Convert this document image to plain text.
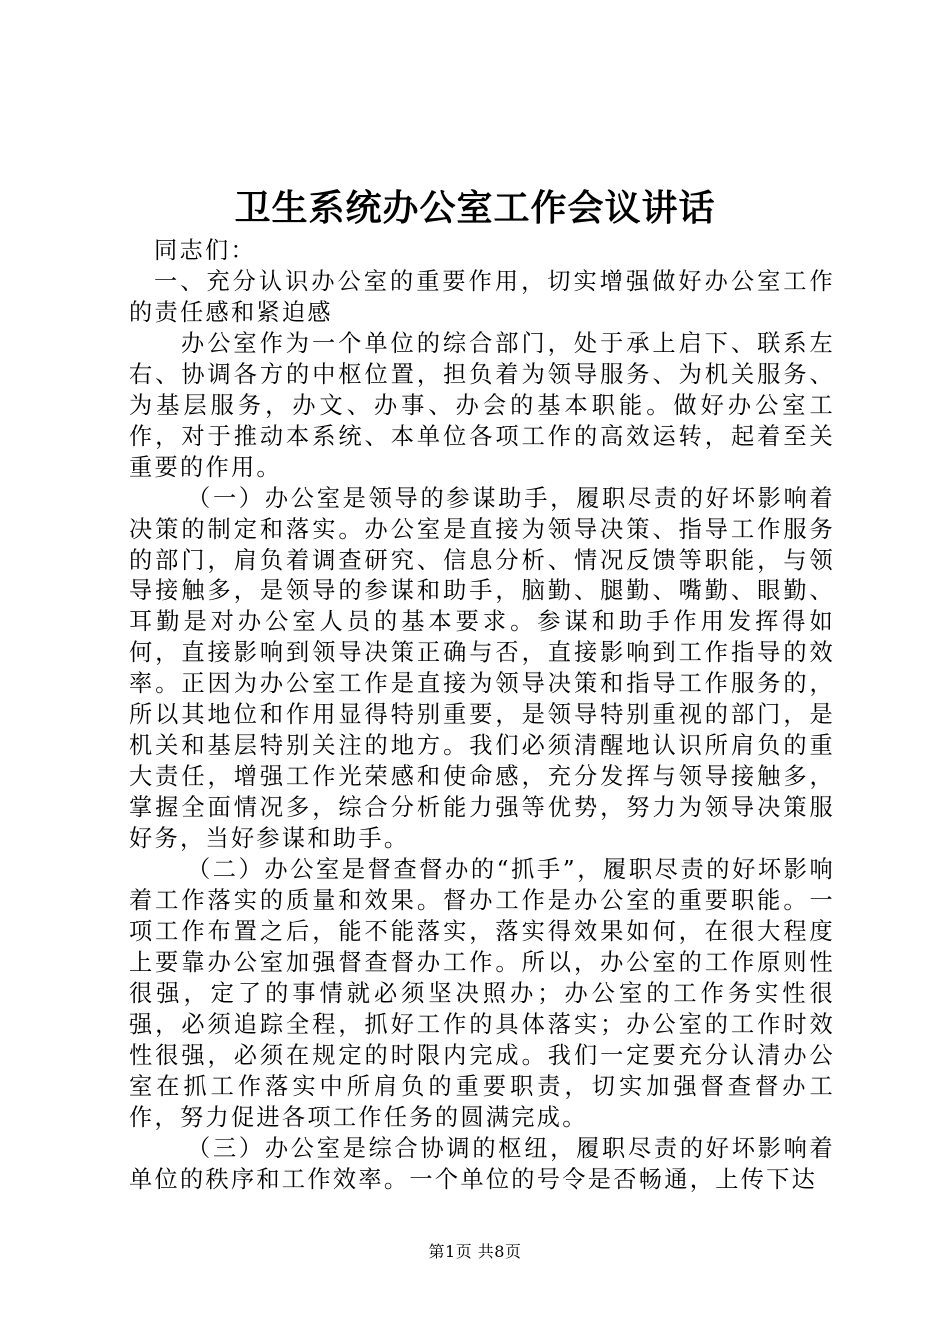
卫生系统办公室工作会议讲话

同志们：

一、充分认识办公室的重要作用，切实增强做好办公室工作的责任感和紧迫感

办公室作为一个单位的综合部门，处于承上启下、联系左右、协调各方的中枢位置，担负着为领导服务、为机关服务、为基层服务，办文、办事、办会的基本职能。做好办公室工作，对于推动本系统、本单位各项工作的高效运转，起着至关重要的作用。

（一）办公室是领导的参谋助手，履职尽责的好坏影响着决策的制定和落实。办公室是直接为领导决策、指导工作服务的部门，肩负着调查研究、信息分析、情况反馈等职能，与领导接触多，是领导的参谋和助手，脑勤、腿勤、嘴勤、眼勤、耳勤是对办公室人员的基本要求。参谋和助手作用发挥得如何，直接影响到领导决策正确与否，直接影响到工作指导的效率。正因为办公室工作是直接为领导决策和指导工作服务的，所以其地位和作用显得特别重要，是领导特别重视的部门，是机关和基层特别关注的地方。我们必须清醒地认识所肩负的重大责任，增强工作光荣感和使命感，充分发挥与领导接触多，掌握全面情况多，综合分析能力强等优势，努力为领导决策服好务，当好参谋和助手。

（二）办公室是督查督办的“抓手”，履职尽责的好坏影响着工作落实的质量和效果。督办工作是办公室的重要职能。一项工作布置之后，能不能落实，落实得效果如何，在很大程度上要靠办公室加强督查督办工作。所以，办公室的工作原则性很强，定了的事情就必须坚决照办；办公室的工作务实性很强，必须追踪全程，抓好工作的具体落实；办公室的工作时效性很强，必须在规定的时限内完成。我们一定要充分认清办公室在抓工作落实中所肩负的重要职责，切实加强督查督办工作，努力促进各项工作任务的圆满完成。

（三）办公室是综合协调的枢纽，履职尽责的好坏影响着单位的秩序和工作效率。一个单位的号令是否畅通，上传下达

第1页 共8页
